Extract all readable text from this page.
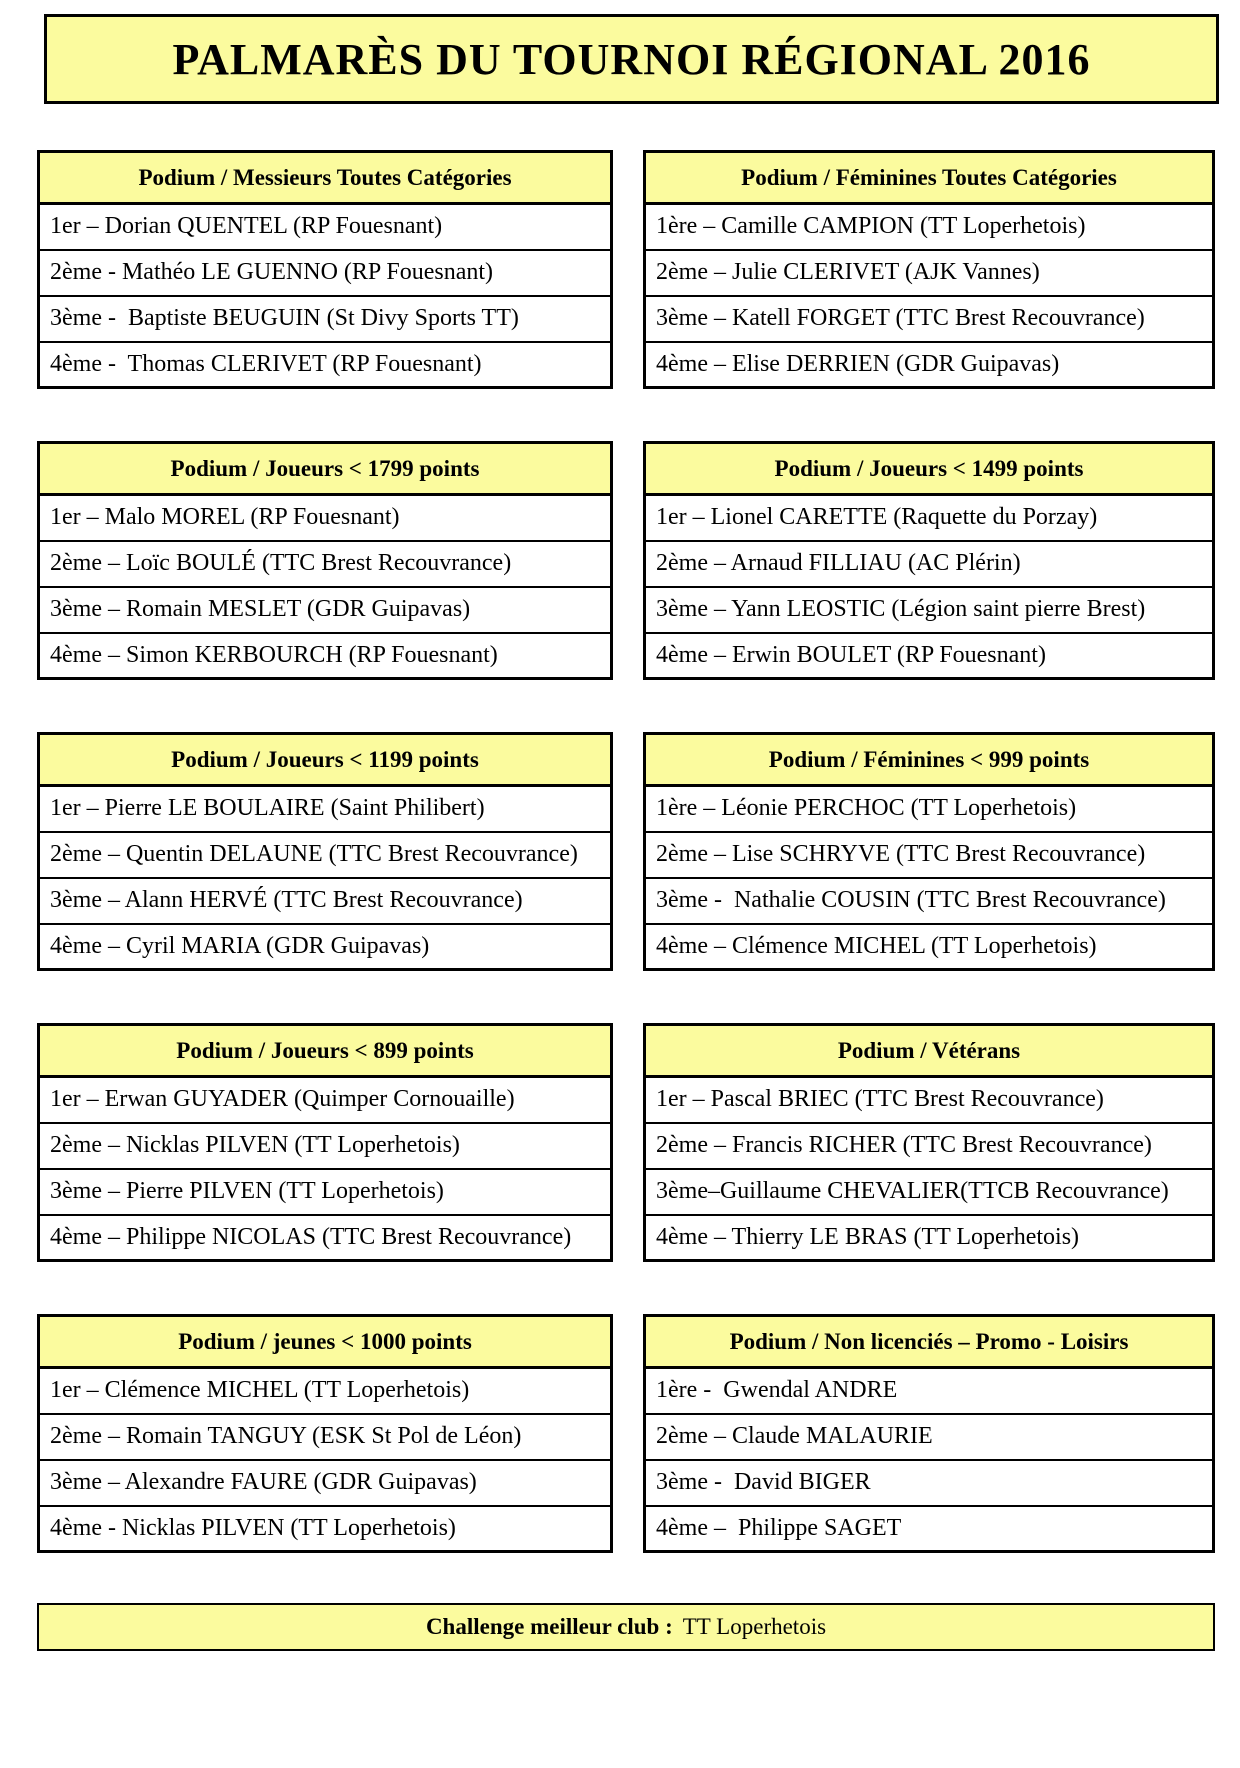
PALMARÈS DU TOURNOI RÉGIONAL 2016
Podium / Messieurs Toutes Catégories
1er – Dorian QUENTEL (RP Fouesnant)
2ème - Mathéo LE GUENNO (RP Fouesnant)
3ème -  Baptiste BEUGUIN (St Divy Sports TT)
4ème -  Thomas CLERIVET (RP Fouesnant)
Podium / Féminines Toutes Catégories
1ère – Camille CAMPION (TT Loperhetois)
2ème – Julie CLERIVET (AJK Vannes)
3ème – Katell FORGET (TTC Brest Recouvrance)
4ème – Elise DERRIEN (GDR Guipavas)
Podium / Joueurs < 1799 points
1er – Malo MOREL (RP Fouesnant)
2ème – Loïc BOULÉ (TTC Brest Recouvrance)
3ème – Romain MESLET (GDR Guipavas)
4ème – Simon KERBOURCH (RP Fouesnant)
Podium / Joueurs < 1499 points
1er – Lionel CARETTE (Raquette du Porzay)
2ème – Arnaud FILLIAU (AC Plérin)
3ème – Yann LEOSTIC (Légion saint pierre Brest)
4ème – Erwin BOULET (RP Fouesnant)
Podium / Joueurs < 1199 points
1er – Pierre LE BOULAIRE (Saint Philibert)
2ème – Quentin DELAUNE (TTC Brest Recouvrance)
3ème – Alann HERVÉ (TTC Brest Recouvrance)
4ème – Cyril MARIA (GDR Guipavas)
Podium / Féminines < 999 points
1ère – Léonie PERCHOC (TT Loperhetois)
2ème – Lise SCHRYVE (TTC Brest Recouvrance)
3ème -  Nathalie COUSIN (TTC Brest Recouvrance)
4ème – Clémence MICHEL (TT Loperhetois)
Podium / Joueurs < 899 points
1er – Erwan GUYADER (Quimper Cornouaille)
2ème – Nicklas PILVEN (TT Loperhetois)
3ème – Pierre PILVEN (TT Loperhetois)
4ème – Philippe NICOLAS (TTC Brest Recouvrance)
Podium / Vétérans
1er – Pascal BRIEC (TTC Brest Recouvrance)
2ème – Francis RICHER (TTC Brest Recouvrance)
3ème–Guillaume CHEVALIER(TTCB Recouvrance)
4ème – Thierry LE BRAS (TT Loperhetois)
Podium / jeunes < 1000 points
1er – Clémence MICHEL (TT Loperhetois)
2ème – Romain TANGUY (ESK St Pol de Léon)
3ème – Alexandre FAURE (GDR Guipavas)
4ème - Nicklas PILVEN (TT Loperhetois)
Podium / Non licenciés – Promo - Loisirs
1ère -  Gwendal ANDRE
2ème – Claude MALAURIE
3ème -  David BIGER
4ème –  Philippe SAGET
Challenge meilleur club : TT Loperhetois
